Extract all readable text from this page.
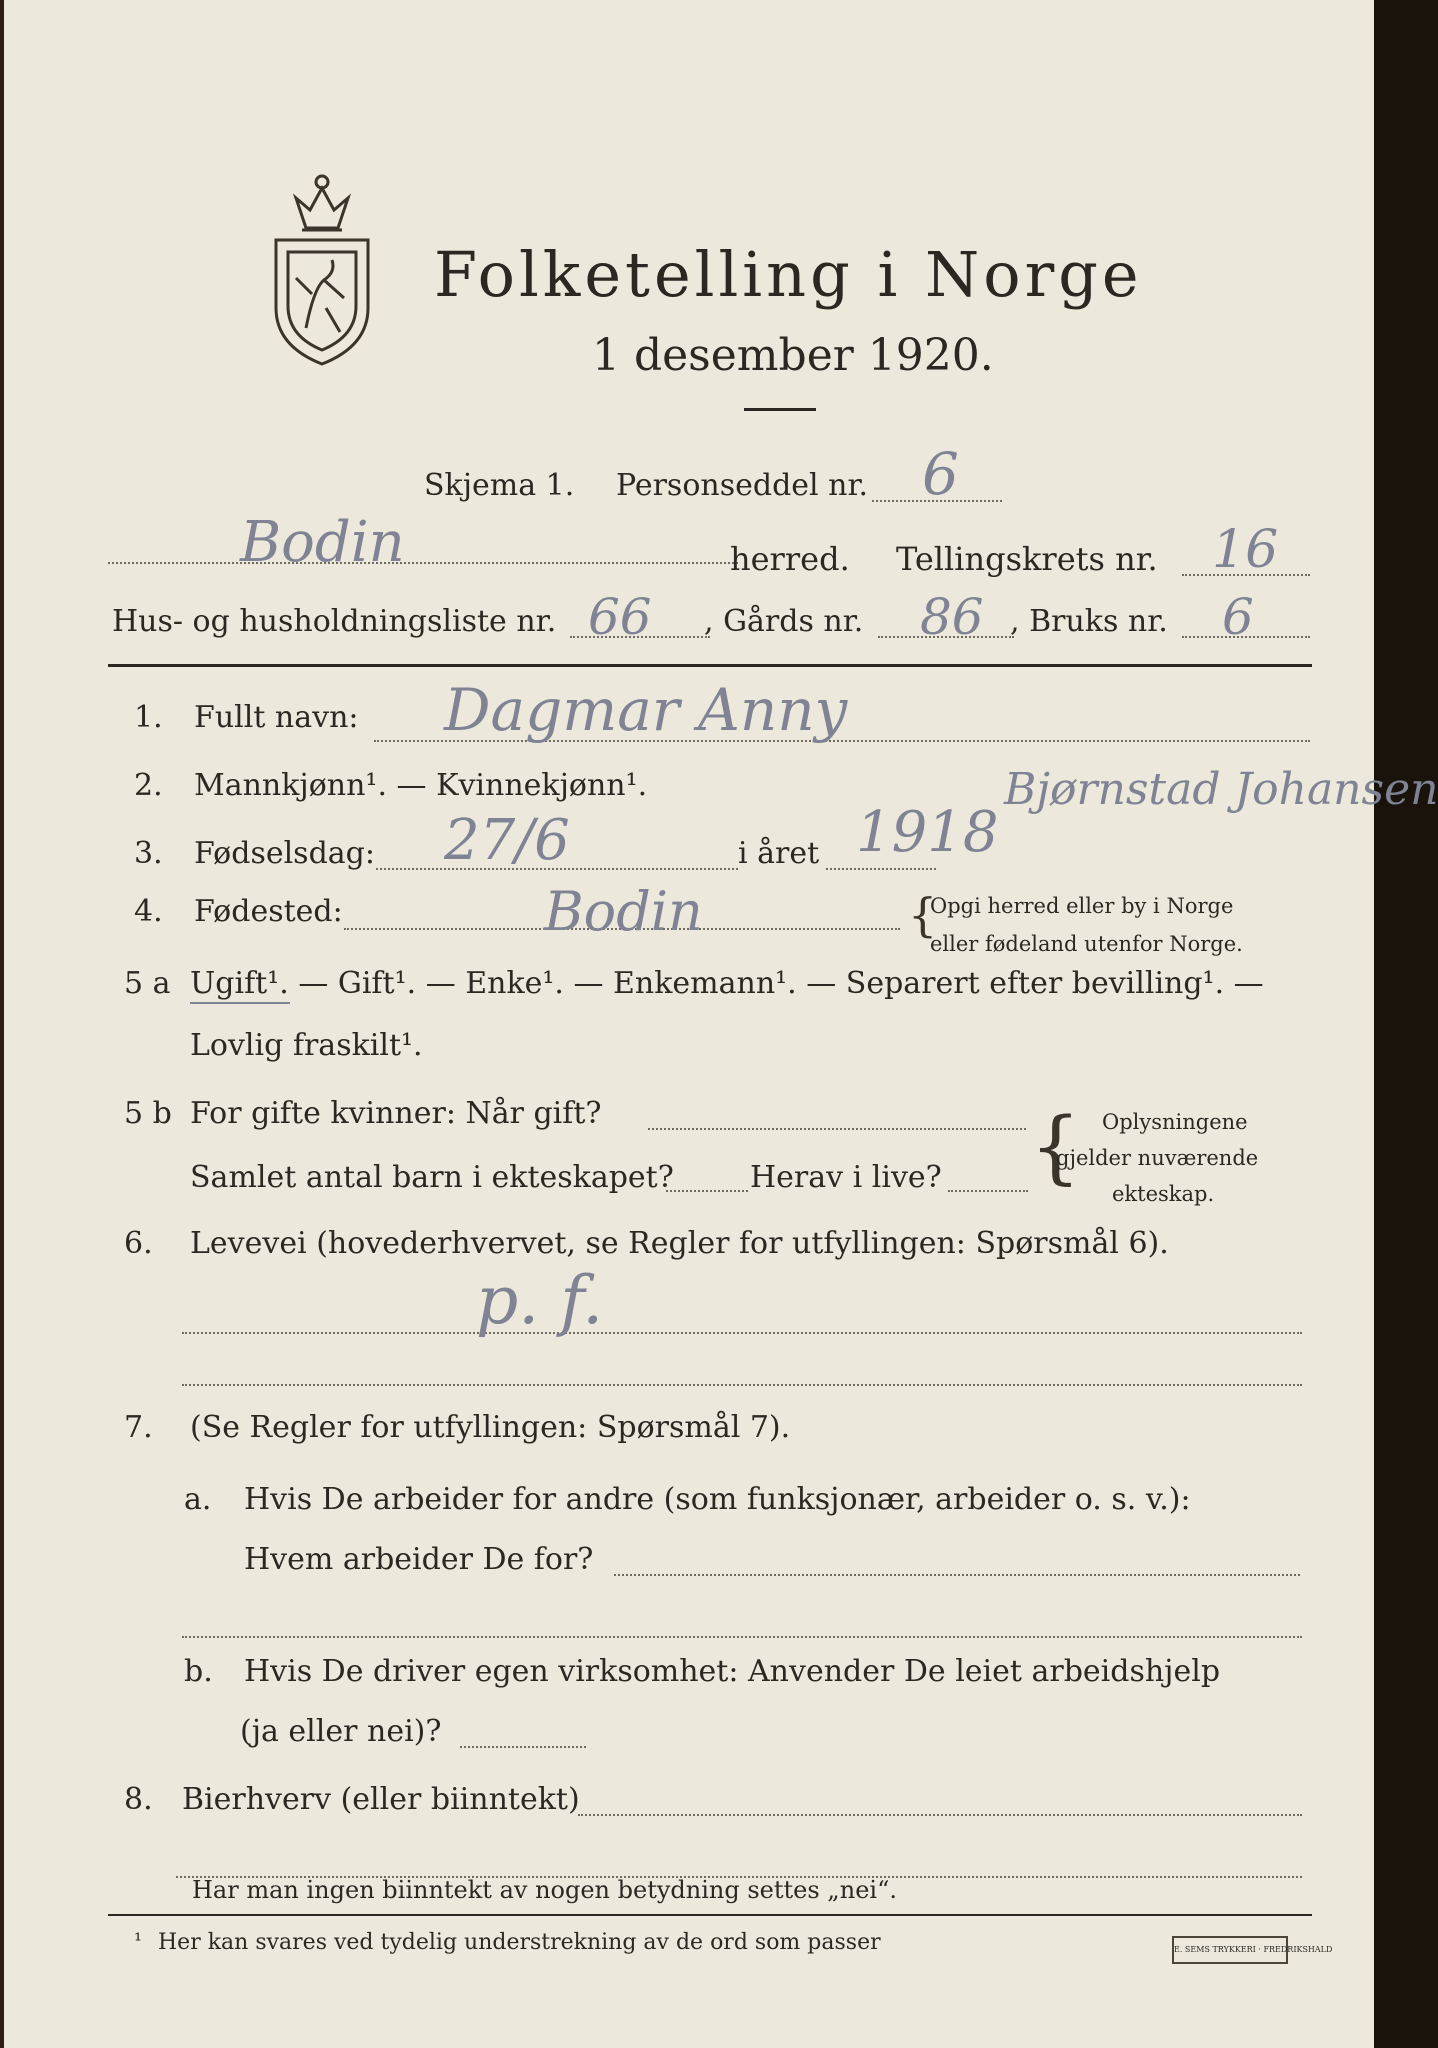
Folketelling i Norge
1 desember 1920.
Skjema 1. Personseddel nr. 6
Bodin	herred. Tellingskrets nr. 16
Hus- og husholdningsliste nr. 66 , Gårds nr. 86 , Bruks nr. 6
1. Fullt navn: Dagmar Anny
Bjørnstad Johansen
2. Mannkjønn¹. — Kvinnekjønn¹.
3. Fødselsdag: 27/6	i året 1918
4. Fødested:	Bodin	{
Opgi herred eller by i Norge
eller fødeland utenfor Norge.
5 a Ugift¹. — Gift¹. — Enke¹. — Enkemann¹. — Separert efter bevilling¹. —
Lovlig fraskilt¹.
5 b For gifte kvinner: Når gift?
Samlet antal barn i ekteskapet?	Herav i live? { Oplysningene
gjelder nuværende
ekteskap.
6. Levevei (hovederhvervet, se Regler for utfyllingen: Spørsmål 6).
p. f.
7. (Se Regler for utfyllingen: Spørsmål 7).
a. Hvis De arbeider for andre (som funksjonær, arbeider o. s. v.):
Hvem arbeider De for?
b. Hvis De driver egen virksomhet: Anvender De leiet arbeidshjelp
(ja eller nei)?
8. Bierhverv (eller biinntekt)
Har man ingen biinntekt av nogen betydning settes „nei“.
¹ Her kan svares ved tydelig understrekning av de ord som passer	E. SEMS TRYKKERI · FREDRIKSHALD
